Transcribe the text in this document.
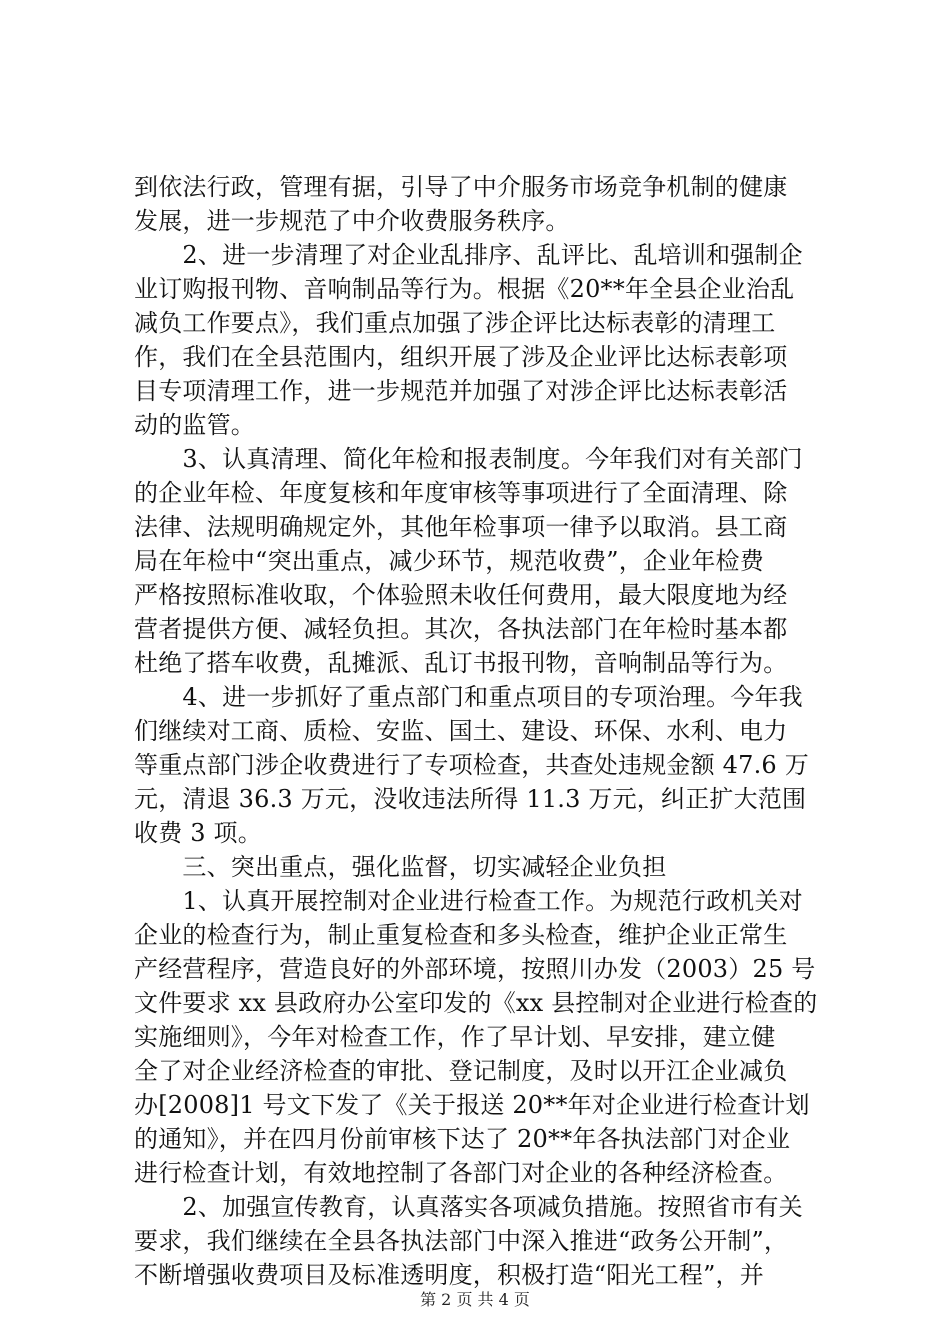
到依法行政，管理有据，引导了中介服务市场竞争机制的健康
发展，进一步规范了中介收费服务秩序。
　　2、进一步清理了对企业乱排序、乱评比、乱培训和强制企
业订购报刊物、音响制品等行为。根据《20**年全县企业治乱
减负工作要点》，我们重点加强了涉企评比达标表彰的清理工
作，我们在全县范围内，组织开展了涉及企业评比达标表彰项
目专项清理工作，进一步规范并加强了对涉企评比达标表彰活
动的监管。
　　3、认真清理、简化年检和报表制度。今年我们对有关部门
的企业年检、年度复核和年度审核等事项进行了全面清理、除
法律、法规明确规定外，其他年检事项一律予以取消。县工商
局在年检中“突出重点，减少环节，规范收费”，企业年检费
严格按照标准收取，个体验照未收任何费用，最大限度地为经
营者提供方便、减轻负担。其次，各执法部门在年检时基本都
杜绝了搭车收费，乱摊派、乱订书报刊物，音响制品等行为。
　　4、进一步抓好了重点部门和重点项目的专项治理。今年我
们继续对工商、质检、安监、国土、建设、环保、水利、电力
等重点部门涉企收费进行了专项检查，共查处违规金额 47.6 万
元，清退 36.3 万元，没收违法所得 11.3 万元，纠正扩大范围
收费 3 项。
　　三、突出重点，强化监督，切实减轻企业负担
　　1、认真开展控制对企业进行检查工作。为规范行政机关对
企业的检查行为，制止重复检查和多头检查，维护企业正常生
产经营程序，营造良好的外部环境，按照川办发（2003）25 号
文件要求 xx 县政府办公室印发的《xx 县控制对企业进行检查的
实施细则》，今年对检查工作，作了早计划、早安排，建立健
全了对企业经济检查的审批、登记制度，及时以开江企业减负
办[2008]1 号文下发了《关于报送 20**年对企业进行检查计划
的通知》，并在四月份前审核下达了 20**年各执法部门对企业
进行检查计划，有效地控制了各部门对企业的各种经济检查。
　　2、加强宣传教育，认真落实各项减负措施。按照省市有关
要求，我们继续在全县各执法部门中深入推进“政务公开制”，
不断增强收费项目及标准透明度，积极打造“阳光工程”，并
第 2 页 共 4 页
